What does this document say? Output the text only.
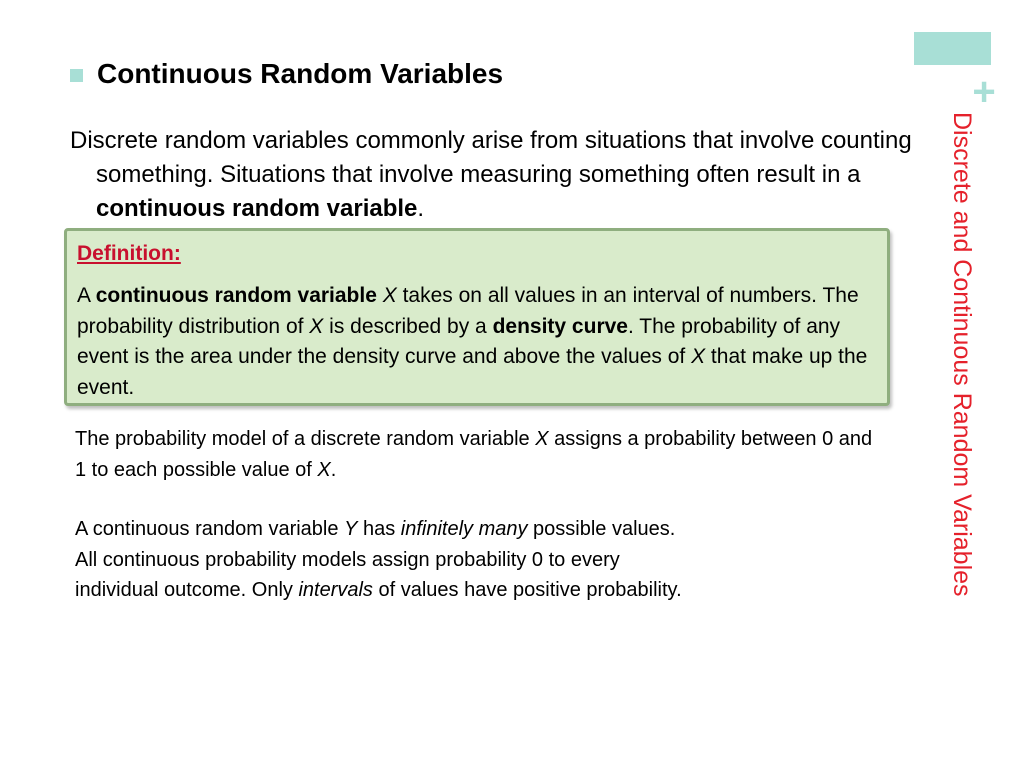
+
Discrete and Continuous Random Variables
Continuous Random Variables
Discrete random variables commonly arise from situations that involve counting something. Situations that involve measuring something often result in a continuous random variable.
Definition:
A continuous random variable X takes on all values in an interval of numbers. The probability distribution of X is described by a density curve. The probability of any event is the area under the density curve and above the values of X that make up the event.
The probability model of a discrete random variable X assigns a probability between 0 and 1 to each possible value of X.
A continuous random variable Y has infinitely many possible values.
All continuous probability models assign probability 0 to every
individual outcome. Only intervals of values have positive probability.
